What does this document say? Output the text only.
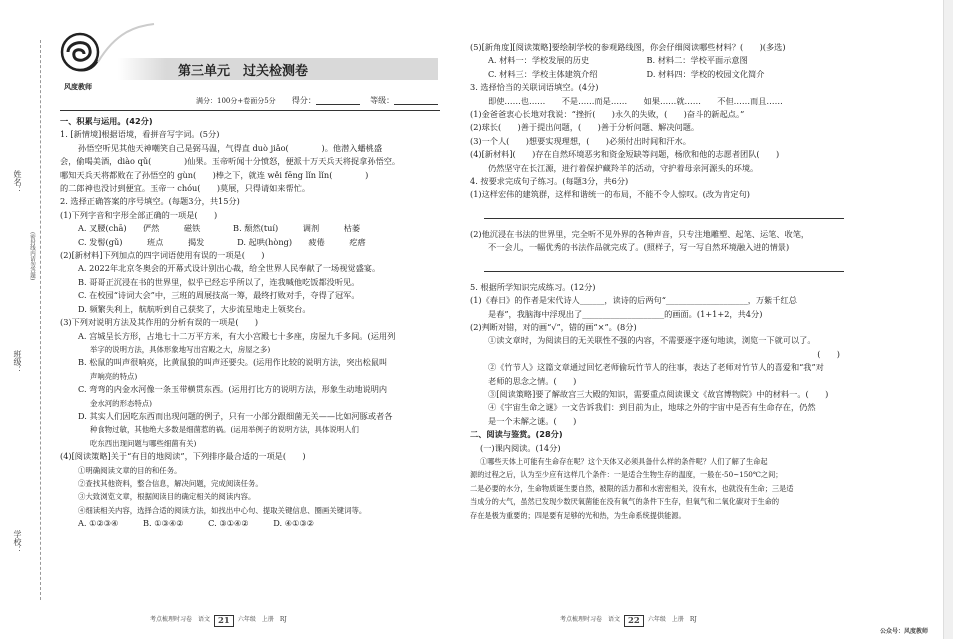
风度教师
第三单元　过关检测卷
满分：100分+卷面分5分 得分：	等级：
姓名：
(密封线内请勿答题)
班级：
学校：

一、积累与运用。(42分)

1. [新情境]根据语境，看拼音写字词。(5分)

孙悟空听见其他天神嘲笑自己是弼马温，气得直 duò jiǎo(　　　　)。他潜入蟠桃盛

会，偷喝美酒，diào qǔ(　　　　)仙果。玉帝听闻十分愤怒，便派十万天兵天将捉拿孙悟空。

哪知天兵天将都败在了孙悟空的 gùn(　　)棒之下，就连 wěi fēng lǐn lǐn(　　　　)

的二郎神也没讨到便宜。玉帝一 chóu(　　)莫展，只得请如来帮忙。

2. 选择正确答案的序号填空。(每题3分，共15分)

(1)下列字音和字形全部正确的一项是(　　)

A. 叉腰(chā)　　俨然　　　磁铁　　　　B. 颓然(tuí)　　　调剂　　　枯萎

C. 发髻(gǔ)　　　班点　　　揭发　　　　D. 起哄(hòng)　　疲倦　　　疙瘩

(2)[新材料]下列加点的四字词语使用有误的一项是(　　)

A. 2022年北京冬奥会的开幕式设计别出心裁，给全世界人民奉献了一场视觉盛宴。

B. 哥哥正沉浸在书的世界里，似乎已经忘乎所以了，连我喊他吃饭都没听见。

C. 在校园“诗词大会”中，三班的周展技高一筹，最终打败对手，夺得了冠军。

D. 频繁失利上，航航听到自己获奖了，大步流星地走上领奖台。

(3)下列对说明方法及其作用的分析有误的一项是(　　)

A. 宫城呈长方形，占地七十二万平方米，有大小宫殿七十多座，房屋九千多间。(运用列

举字的说明方法，具体形象地写出宫殿之大，房屋之多)

B. 松鼠的叫声很响亮，比黄鼠狼的叫声还要尖。(运用作比较的说明方法，突出松鼠叫

声响亮的特点)

C. 弯弯的内金水河像一条玉带横贯东西。(运用打比方的说明方法，形象生动地说明内

金水河的形态特点)

D. 其实人们因吃东西而出现问题的例子，只有一小部分跟细菌无关——比如河豚或者各

种食物过敏，其他绝大多数是细菌惹的祸。(运用举例子的说明方法，具体说明人们

吃东西出现问题与哪些细菌有关)

(4)[阅读策略]关于“有目的地阅读”，下列排序最合适的一项是(　　)

①明确阅读文章的目的和任务。

②查找其他资料，整合信息，解决问题，完成阅读任务。

③大致浏览文章，根据阅读目的确定相关的阅读内容。

④细读相关内容，选择合适的阅读方法，如找出中心句、提取关键信息、圈画关键词等。

A. ①②③④　　　B. ①③④②　　　C. ③①④②　　　D. ④①③②

(5)[新角度][阅读策略]要绘制学校的参观路线图，你会仔细阅读哪些材料？(　　)(多选)

A. 材料一：学校发展的历史　　　　　　　B. 材料二：学校平面示意图

C. 材料三：学校主体建筑介绍　　　　　　D. 材料四：学校的校园文化简介

3. 选择恰当的关联词语填空。(4分)

即使……也……　　不是……而是……　　如果……就……　　不但……而且……

(1)金爸爸衷心长地对我说：“挫折(　　)永久的失败，(　　)奋斗的新起点。”

(2)球长(　　)善于提出问题，(　　)善于分析问题、解决问题。

(3)一个人(　　)想要实现理想，(　　)必须付出时间和汗水。

(4)[新材料](　　)存在自然环境恶劣和资金短缺等问题，杨欣和他的志愿者团队(　　)

仍然坚守在长江源，进行着保护藏羚羊的活动，守护着母亲河源头的环境。

4. 按要求完成句子练习。(每题3分，共6分)

(1)这样宏伟的建筑群，这样和谐统一的布局，不能不令人惊叹。(改为肯定句)

(2)他沉浸在书法的世界里，完全听不见外界的各种声音，只专注地雕塑、起笔、运笔、收笔，

不一会儿，一幅优秀的书法作品就完成了。(照样子，写一写自然环境融入进的情景)

5. 根据所学知识完成练习。(12分)

(1)《春日》的作者是宋代诗人______，读诗的后两句“____________________，万紫千红总

是春”，我脑海中浮现出了____________________的画面。(1+1+2，共4分)

(2)判断对错，对的画“√”，错的画“×”。(8分)

①读文章时，为阅读目的无关联性不强的内容，不需要逐字逐句地读，浏览一下就可以了。

(　　)

②《竹节人》这篇文章通过回忆老师偷玩竹节人的往事，表达了老师对竹节人的喜爱和“我”对

老师的思念之情。(　　)

③[阅读策略]要了解故宫三大殿的知识，需要重点阅读课文《故宫博物院》中的材料一。(　　)

④《宇宙生命之谜》一文告诉我们：到目前为止，地球之外的宇宙中是否有生命存在，仍然

是一个未解之谜。(　　)

二、阅读与鉴赏。(28分)

(一)课内阅读。(14分)

①哪些天体上可能有生命存在呢？这个天体又必须具备什么样的条件呢？人们了解了生命起

源的过程之后，认为至少应有这样几个条件：一是适合生物生存的温度，一般在-50~150℃之间；

二是必要的水分，生命物质诞生要自然，被限的活力都和水密密相关，没有水，也就没有生命；三是适

当成分的大气，虽然已发现少数厌氧菌能在没有氧气的条件下生存，但氧气和二氧化碳对于生命的

存在是极为重要的；四是要有足够的光和热，为生命系统提供能源。

考点梳理时习卷　语文 21 六年级　上册　RJ	考点梳理时习卷　语文 22 六年级　上册　RJ
公众号：风度教师
